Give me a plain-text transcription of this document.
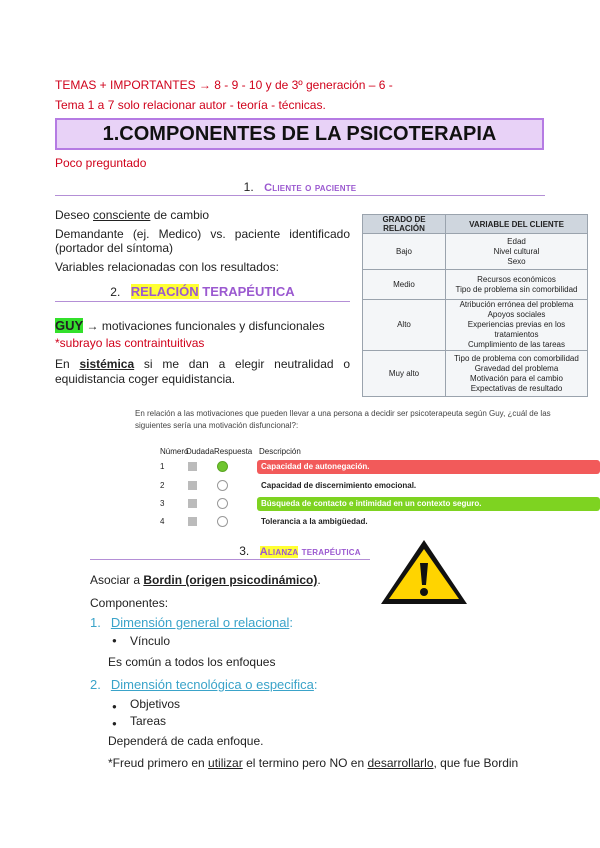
TEMAS + IMPORTANTES → 8 - 9 - 10 y de 3º generación – 6 -
Tema 1 a 7 solo relacionar autor - teoría - técnicas.
1.COMPONENTES DE LA PSICOTERAPIA
Poco preguntado
1. Cliente o paciente
Deseo consciente de cambio
Demandante (ej. Medico) vs. paciente identificado (portador del síntoma)
Variables relacionadas con los resultados:
GRADO DE RELACIÓN	VARIABLE DEL CLIENTE
Bajo	Edad
Nivel cultural
Sexo

Medio	Recursos económicos
Tipo de problema sin comorbilidad

Alto	Atribución errónea del problema
Apoyos sociales
Experiencias previas en los tratamientos
Cumplimiento de las tareas

Muy alto	Tipo de problema con comorbilidad
Gravedad del problema
Motivación para el cambio
Expectativas de resultado
2. RELACIÓN TERAPÉUTICA
GUY → motivaciones funcionales y disfuncionales
*subrayo las contraintuitivas
En sistémica si me dan a elegir neutralidad o equidistancia coger equidistancia.
En relación a las motivaciones que pueden llevar a una persona a decidir ser psicoterapeuta según Guy, ¿cuál de las siguientes sería una motivación disfuncional?:
Número
Dudada Respuesta Descripción
1	Capacidad de autonegación.
2	Capacidad de discernimiento emocional.
3	Búsqueda de contacto e intimidad en un contexto seguro.
4	Tolerancia a la ambigüedad.
3. Alianza terapéutica
Asociar a Bordin (origen psicodinámico).
Componentes:
1. Dimensión general o relacional:
● Vínculo
Es común a todos los enfoques
2. Dimensión tecnológica o especifica:
● Objetivos
● Tareas
Dependerá de cada enfoque.
*Freud primero en utilizar el termino pero NO en desarrollarlo, que fue Bordin
